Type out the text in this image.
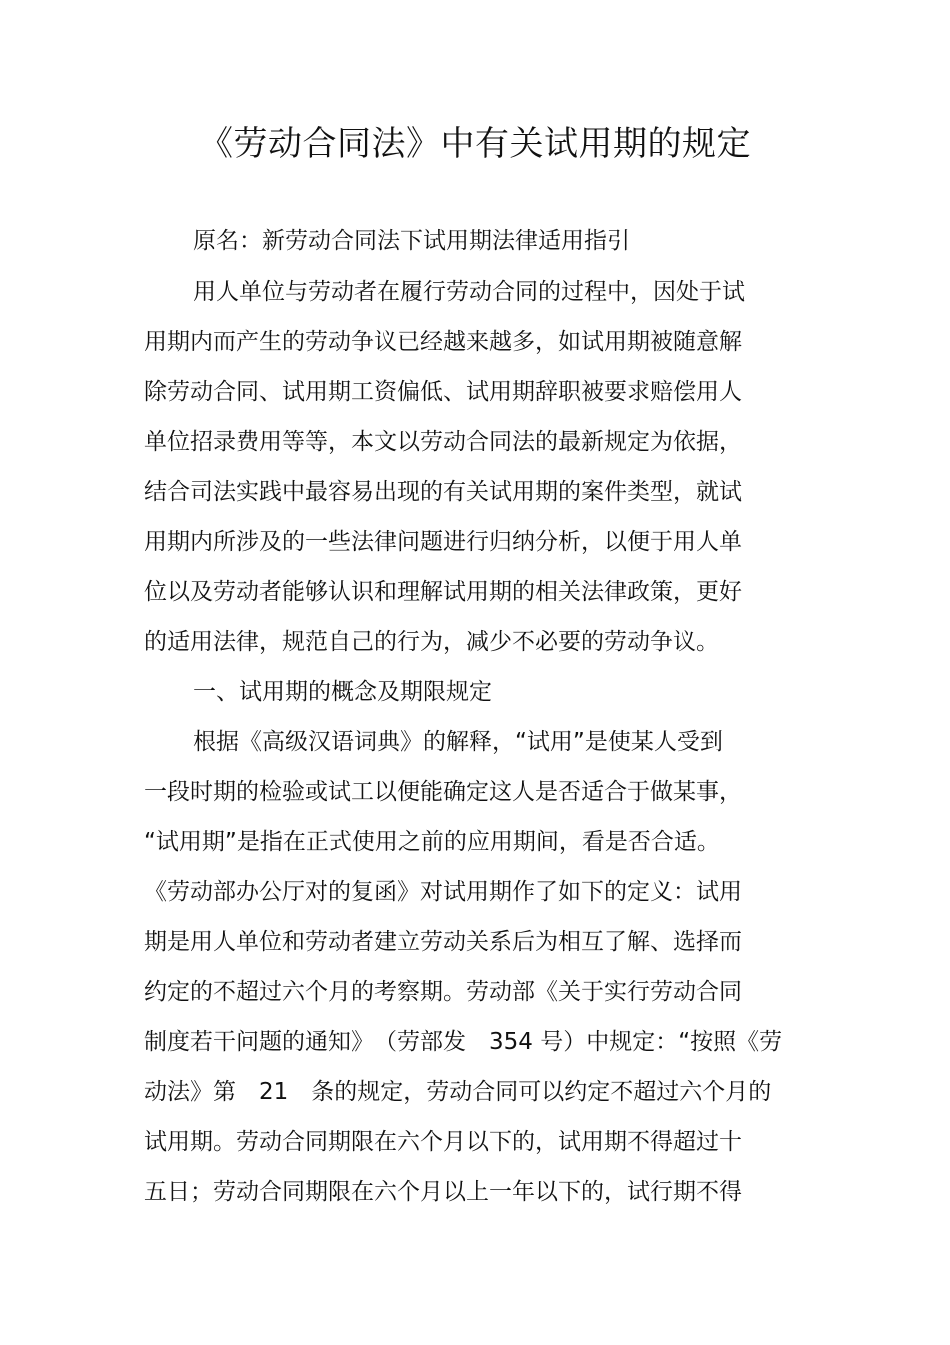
《劳动合同法》中有关试用期的规定
原名：新劳动合同法下试用期法律适用指引
用人单位与劳动者在履行劳动合同的过程中，因处于试
用期内而产生的劳动争议已经越来越多，如试用期被随意解
除劳动合同、试用期工资偏低、试用期辞职被要求赔偿用人
单位招录费用等等，本文以劳动合同法的最新规定为依据，
结合司法实践中最容易出现的有关试用期的案件类型，就试
用期内所涉及的一些法律问题进行归纳分析，以便于用人单
位以及劳动者能够认识和理解试用期的相关法律政策，更好
的适用法律，规范自己的行为，减少不必要的劳动争议。
一、试用期的概念及期限规定
根据《高级汉语词典》的解释，“试用”是使某人受到
一段时期的检验或试工以便能确定这人是否适合于做某事，
“试用期”是指在正式使用之前的应用期间，看是否合适。
《劳动部办公厅对的复函》对试用期作了如下的定义：试用
期是用人单位和劳动者建立劳动关系后为相互了解、选择而
约定的不超过六个月的考察期。劳动部《关于实行劳动合同
制度若干问题的通知》　（劳部发　354 号）中规定：“按照《劳
动法》第　21　条的规定，劳动合同可以约定不超过六个月的
试用期。劳动合同期限在六个月以下的，试用期不得超过十
五日；劳动合同期限在六个月以上一年以下的，试行期不得
